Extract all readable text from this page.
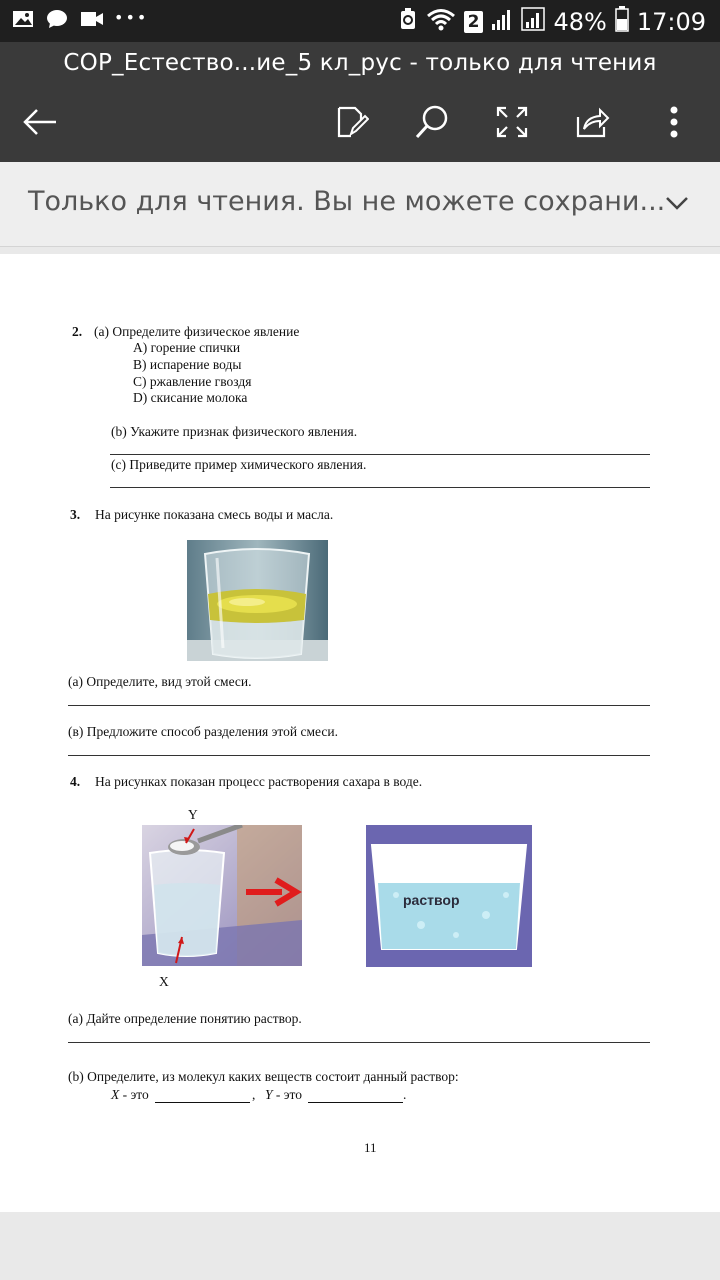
•••	2	48% 17:09
СОР_Естество...ие_5 кл_рус - только для чтения
Только для чтения. Вы не можете сохрани...
2. (a) Определите физическое явление
A) горение спички
B) испарение воды
C) ржавление гвоздя
D) скисание молока
(b) Укажите признак физического явления.
(c) Приведите пример химического явления.
3. На рисунке показана смесь воды и масла.
(a) Определите, вид этой смеси.
(в) Предложите способ разделения этой смеси.
4. На рисунках показан процесс растворения сахара в воде.
Y
раствор
X
(a) Дайте определение понятию раствор.
(b) Определите, из молекул каких веществ состоит данный раствор:
X - это	, Y - это	.
11
